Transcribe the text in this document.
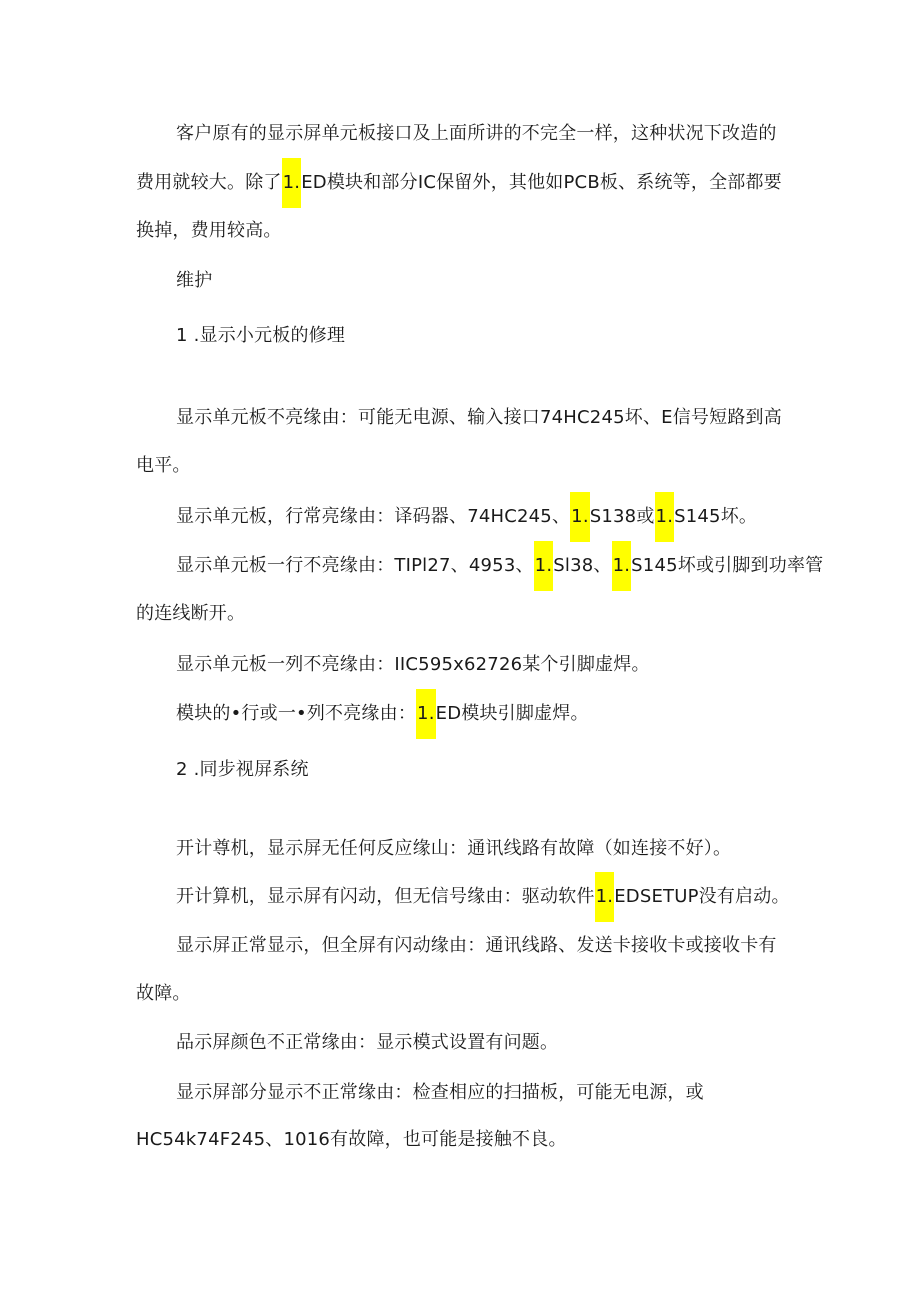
客户原有的显示屏单元板接口及上面所讲的不完全一样，这种状况下改造的
费用就较大。除了1.ED模块和部分IC保留外，其他如PCB板、系统等，全部都要
换掉，费用较高。
维护
1 .显示小元板的修理
显示单元板不亮缘由：可能无电源、输入接口74HC245坏、E信号短路到高
电平。
显示单元板，行常亮缘由：译码器、74HC245、1.S138或1.S145坏。
显示单元板一行不亮缘由：TIPl27、4953、1.Sl38、1.S145坏或引脚到功率管
的连线断开。
显示单元板一列不亮缘由：IIC595x62726某个引脚虚焊。
模块的•行或一•列不亮缘由：1.ED模块引脚虚焊。
2 .同步视屏系统
开计尊机，显示屏无任何反应缘山：通讯线路有故障（如连接不好）。
开计算机，显示屏有闪动，但无信号缘由：驱动软件1.EDSETUP没有启动。
显示屏正常显示，但全屏有闪动缘由：通讯线路、发送卡接收卡或接收卡有
故障。
品示屏颜色不正常缘由：显示模式设置有问题。
显示屏部分显示不正常缘由：检查相应的扫描板，可能无电源，或
HC54k74F245、1016有故障，也可能是接触不良。
